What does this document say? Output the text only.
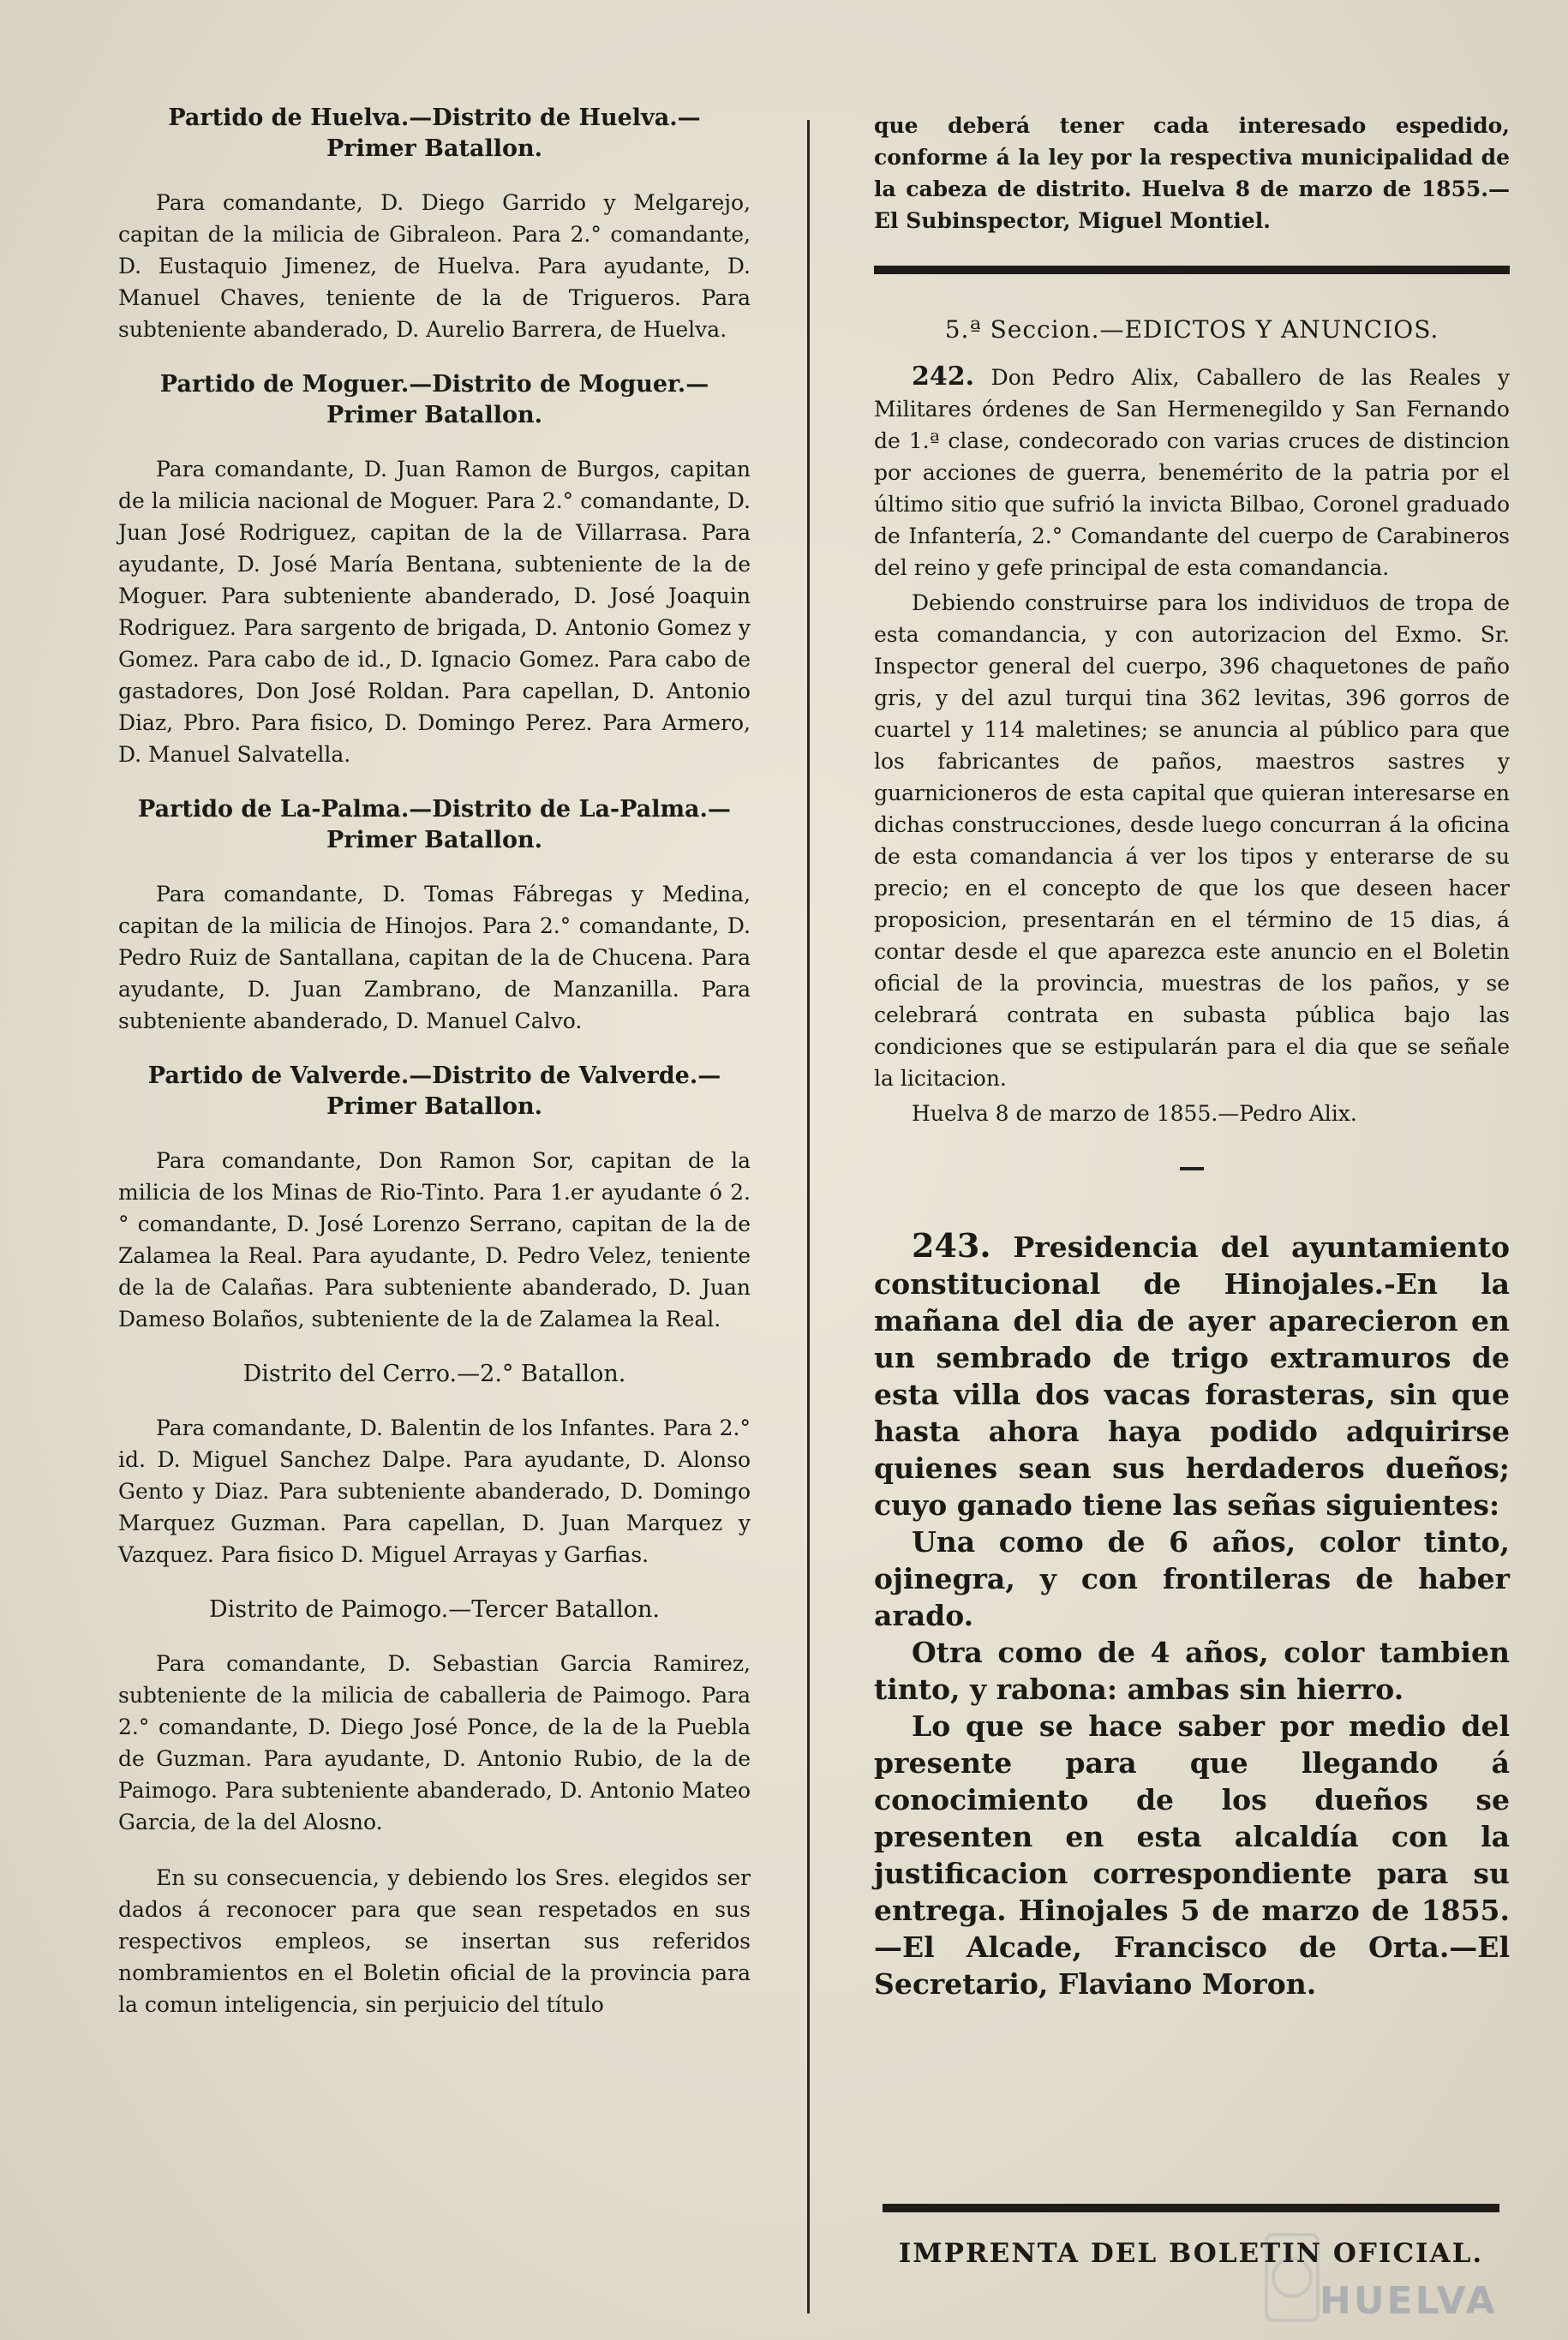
Partido de Huelva.—Distrito de Huelva.—Primer Batallon.

Para comandante, D. Diego Garrido y Melgarejo, capitan de la milicia de Gibraleon. Para 2.° comandante, D. Eustaquio Jimenez, de Huelva. Para ayudante, D. Manuel Chaves, teniente de la de Trigueros. Para subteniente abanderado, D. Aurelio Barrera, de Huelva.

Partido de Moguer.—Distrito de Moguer.—Primer Batallon.

Para comandante, D. Juan Ramon de Burgos, capitan de la milicia nacional de Moguer. Para 2.° comandante, D. Juan José Rodriguez, capitan de la de Villarrasa. Para ayudante, D. José María Bentana, subteniente de la de Moguer. Para subteniente abanderado, D. José Joaquin Rodriguez. Para sargento de brigada, D. Antonio Gomez y Gomez. Para cabo de id., D. Ignacio Gomez. Para cabo de gastadores, Don José Roldan. Para capellan, D. Antonio Diaz, Pbro. Para fisico, D. Domingo Perez. Para Armero, D. Manuel Salvatella.

Partido de La-Palma.—Distrito de La-Palma.—Primer Batallon.

Para comandante, D. Tomas Fábregas y Medina, capitan de la milicia de Hinojos. Para 2.° comandante, D. Pedro Ruiz de Santallana, capitan de la de Chucena. Para ayudante, D. Juan Zambrano, de Manzanilla. Para subteniente abanderado, D. Manuel Calvo.

Partido de Valverde.—Distrito de Valverde.—Primer Batallon.

Para comandante, Don Ramon Sor, capitan de la milicia de los Minas de Rio-Tinto. Para 1.er ayudante ó 2.° comandante, D. José Lorenzo Serrano, capitan de la de Zalamea la Real. Para ayudante, D. Pedro Velez, teniente de la de Calañas. Para subteniente abanderado, D. Juan Dameso Bolaños, subteniente de la de Zalamea la Real.

Distrito del Cerro.—2.° Batallon.

Para comandante, D. Balentin de los Infantes. Para 2.° id. D. Miguel Sanchez Dalpe. Para ayudante, D. Alonso Gento y Diaz. Para subteniente abanderado, D. Domingo Marquez Guzman. Para capellan, D. Juan Marquez y Vazquez. Para fisico D. Miguel Arrayas y Garfias.

Distrito de Paimogo.—Tercer Batallon.

Para comandante, D. Sebastian Garcia Ramirez, subteniente de la milicia de caballeria de Paimogo. Para 2.° comandante, D. Diego José Ponce, de la de la Puebla de Guzman. Para ayudante, D. Antonio Rubio, de la de Paimogo. Para subteniente abanderado, D. Antonio Mateo Garcia, de la del Alosno.

En su consecuencia, y debiendo los Sres. elegidos ser dados á reconocer para que sean respetados en sus respectivos empleos, se insertan sus referidos nombramientos en el Boletin oficial de la provincia para la comun inteligencia, sin perjuicio del título

que deberá tener cada interesado espedido, conforme á la ley por la respectiva municipalidad de la cabeza de distrito. Huelva 8 de marzo de 1855.—El Subinspector, Miguel Montiel.

5.ª Seccion.—EDICTOS Y ANUNCIOS.

242. Don Pedro Alix, Caballero de las Reales y Militares órdenes de San Hermenegildo y San Fernando de 1.ª clase, condecorado con varias cruces de distincion por acciones de guerra, benemérito de la patria por el último sitio que sufrió la invicta Bilbao, Coronel graduado de Infantería, 2.° Comandante del cuerpo de Carabineros del reino y gefe principal de esta comandancia.

Debiendo construirse para los individuos de tropa de esta comandancia, y con autorizacion del Exmo. Sr. Inspector general del cuerpo, 396 chaquetones de paño gris, y del azul turqui tina 362 levitas, 396 gorros de cuartel y 114 maletines; se anuncia al público para que los fabricantes de paños, maestros sastres y guarnicioneros de esta capital que quieran interesarse en dichas construcciones, desde luego concurran á la oficina de esta comandancia á ver los tipos y enterarse de su precio; en el concepto de que los que deseen hacer proposicion, presentarán en el término de 15 dias, á contar desde el que aparezca este anuncio en el Boletin oficial de la provincia, muestras de los paños, y se celebrará contrata en subasta pública bajo las condiciones que se estipularán para el dia que se señale la licitacion.

Huelva 8 de marzo de 1855.—Pedro Alix.

243. Presidencia del ayuntamiento constitucional de Hinojales.-En la mañana del dia de ayer aparecieron en un sembrado de trigo extramuros de esta villa dos vacas forasteras, sin que hasta ahora haya podido adquirirse quienes sean sus herdaderos dueños; cuyo ganado tiene las señas siguientes:

Una como de 6 años, color tinto, ojinegra, y con frontileras de haber arado.

Otra como de 4 años, color tambien tinto, y rabona: ambas sin hierro.

Lo que se hace saber por medio del presente para que llegando á conocimiento de los dueños se presenten en esta alcaldía con la justificacion correspondiente para su entrega. Hinojales 5 de marzo de 1855. —El Alcade, Francisco de Orta.—El Secretario, Flaviano Moron.

IMPRENTA DEL BOLETIN OFICIAL.
HUELVA
